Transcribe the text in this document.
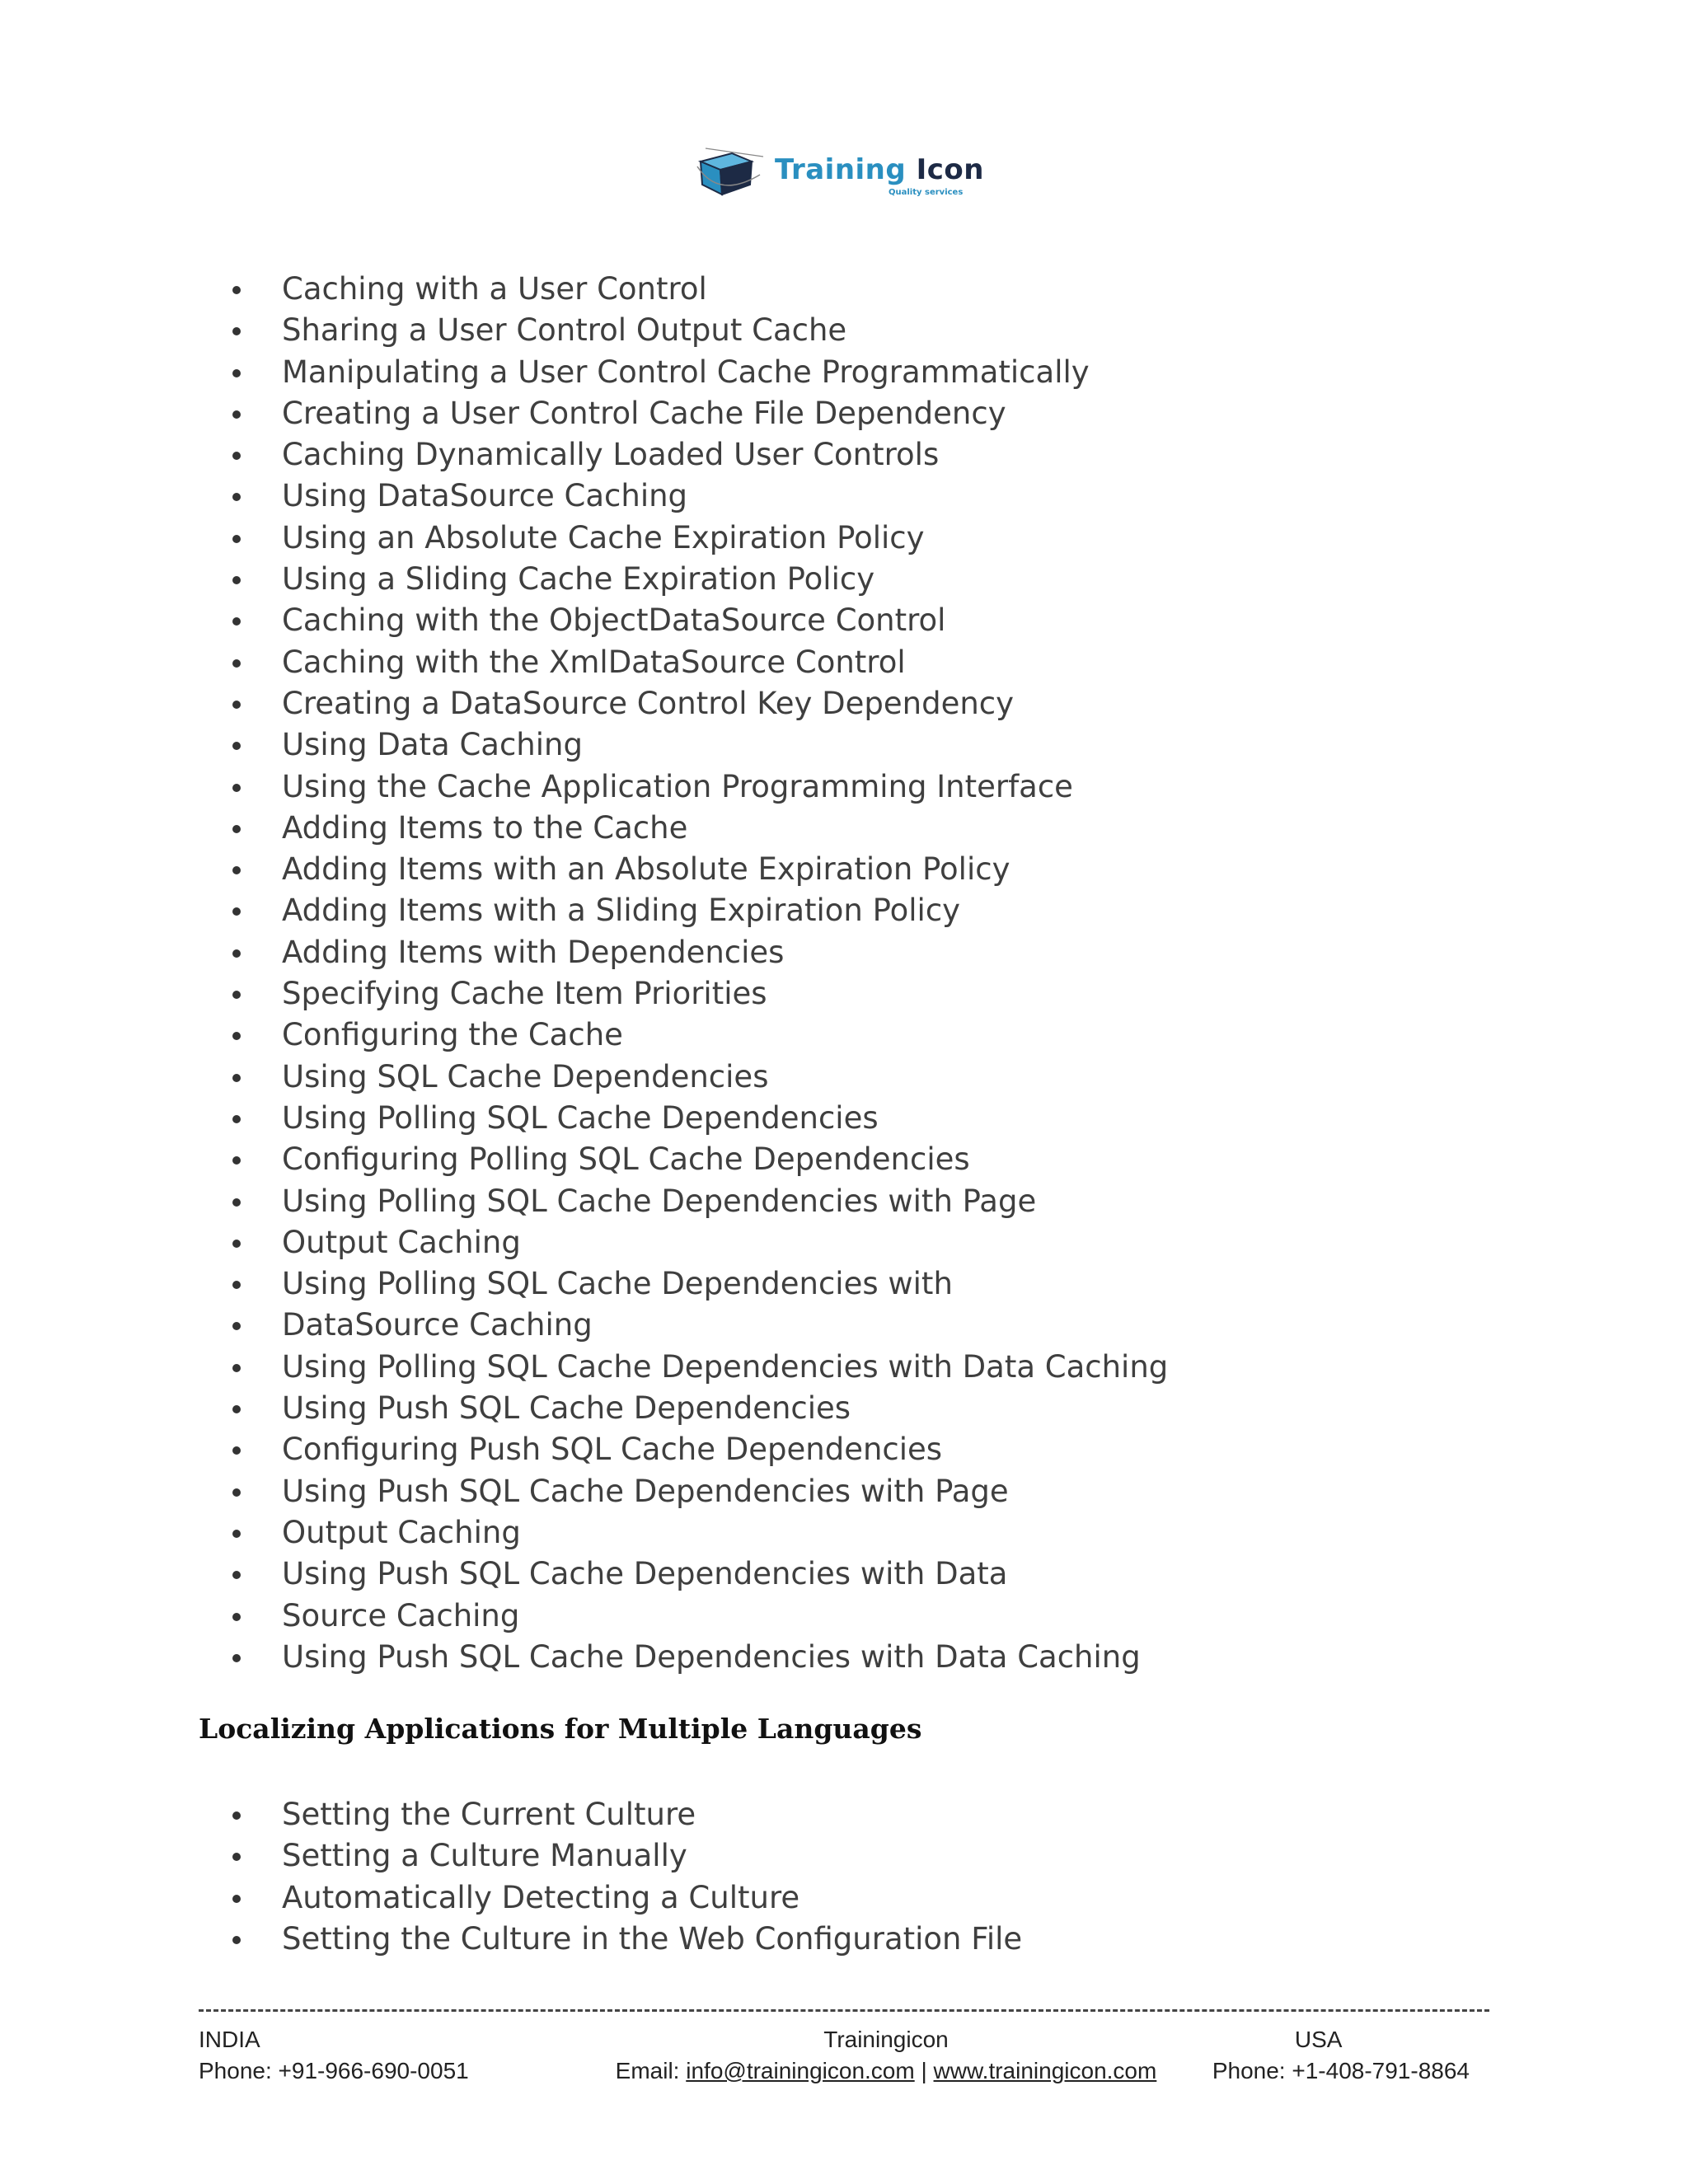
Training Icon
Quality services
Caching with a User Control
Sharing a User Control Output Cache
Manipulating a User Control Cache Programmatically
Creating a User Control Cache File Dependency
Caching Dynamically Loaded User Controls
Using DataSource Caching
Using an Absolute Cache Expiration Policy
Using a Sliding Cache Expiration Policy
Caching with the ObjectDataSource Control
Caching with the XmlDataSource Control
Creating a DataSource Control Key Dependency
Using Data Caching
Using the Cache Application Programming Interface
Adding Items to the Cache
Adding Items with an Absolute Expiration Policy
Adding Items with a Sliding Expiration Policy
Adding Items with Dependencies
Specifying Cache Item Priorities
Configuring the Cache
Using SQL Cache Dependencies
Using Polling SQL Cache Dependencies
Configuring Polling SQL Cache Dependencies
Using Polling SQL Cache Dependencies with Page
Output Caching
Using Polling SQL Cache Dependencies with
DataSource Caching
Using Polling SQL Cache Dependencies with Data Caching
Using Push SQL Cache Dependencies
Configuring Push SQL Cache Dependencies
Using Push SQL Cache Dependencies with Page
Output Caching
Using Push SQL Cache Dependencies with Data
Source Caching
Using Push SQL Cache Dependencies with Data Caching
Localizing Applications for Multiple Languages
Setting the Current Culture
Setting a Culture Manually
Automatically Detecting a Culture
Setting the Culture in the Web Configuration File
INDIA
Phone: +91-966-690-0051
Trainingicon
Email: info@trainingicon.com | www.trainingicon.com
USA
Phone: +1-408-791-8864
